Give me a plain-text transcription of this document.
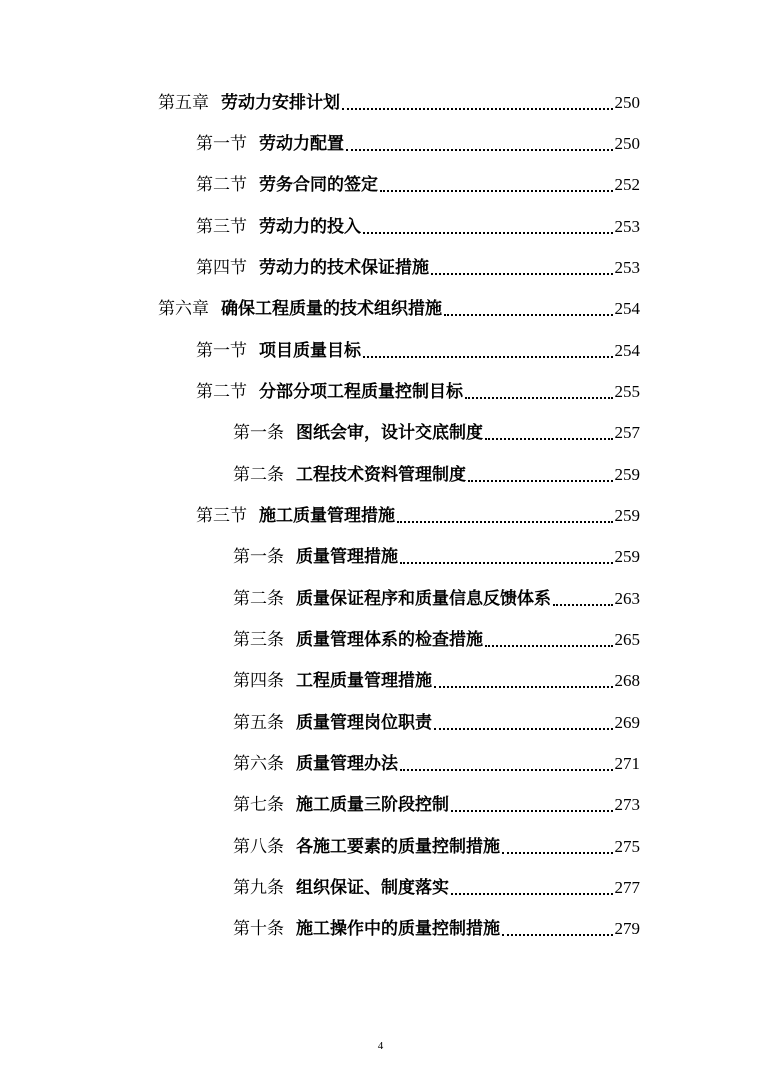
第五章 劳动力安排计划	250
第一节 劳动力配置	250
第二节 劳务合同的签定	252
第三节 劳动力的投入	253
第四节 劳动力的技术保证措施	253
第六章 确保工程质量的技术组织措施	254
第一节 项目质量目标	254
第二节 分部分项工程质量控制目标	255
第一条 图纸会审，设计交底制度	257
第二条 工程技术资料管理制度	259
第三节 施工质量管理措施	259
第一条 质量管理措施	259
第二条 质量保证程序和质量信息反馈体系	263
第三条 质量管理体系的检查措施	265
第四条 工程质量管理措施	268
第五条 质量管理岗位职责	269
第六条 质量管理办法	271
第七条 施工质量三阶段控制	273
第八条 各施工要素的质量控制措施	275
第九条 组织保证、制度落实	277
第十条 施工操作中的质量控制措施	279
4
